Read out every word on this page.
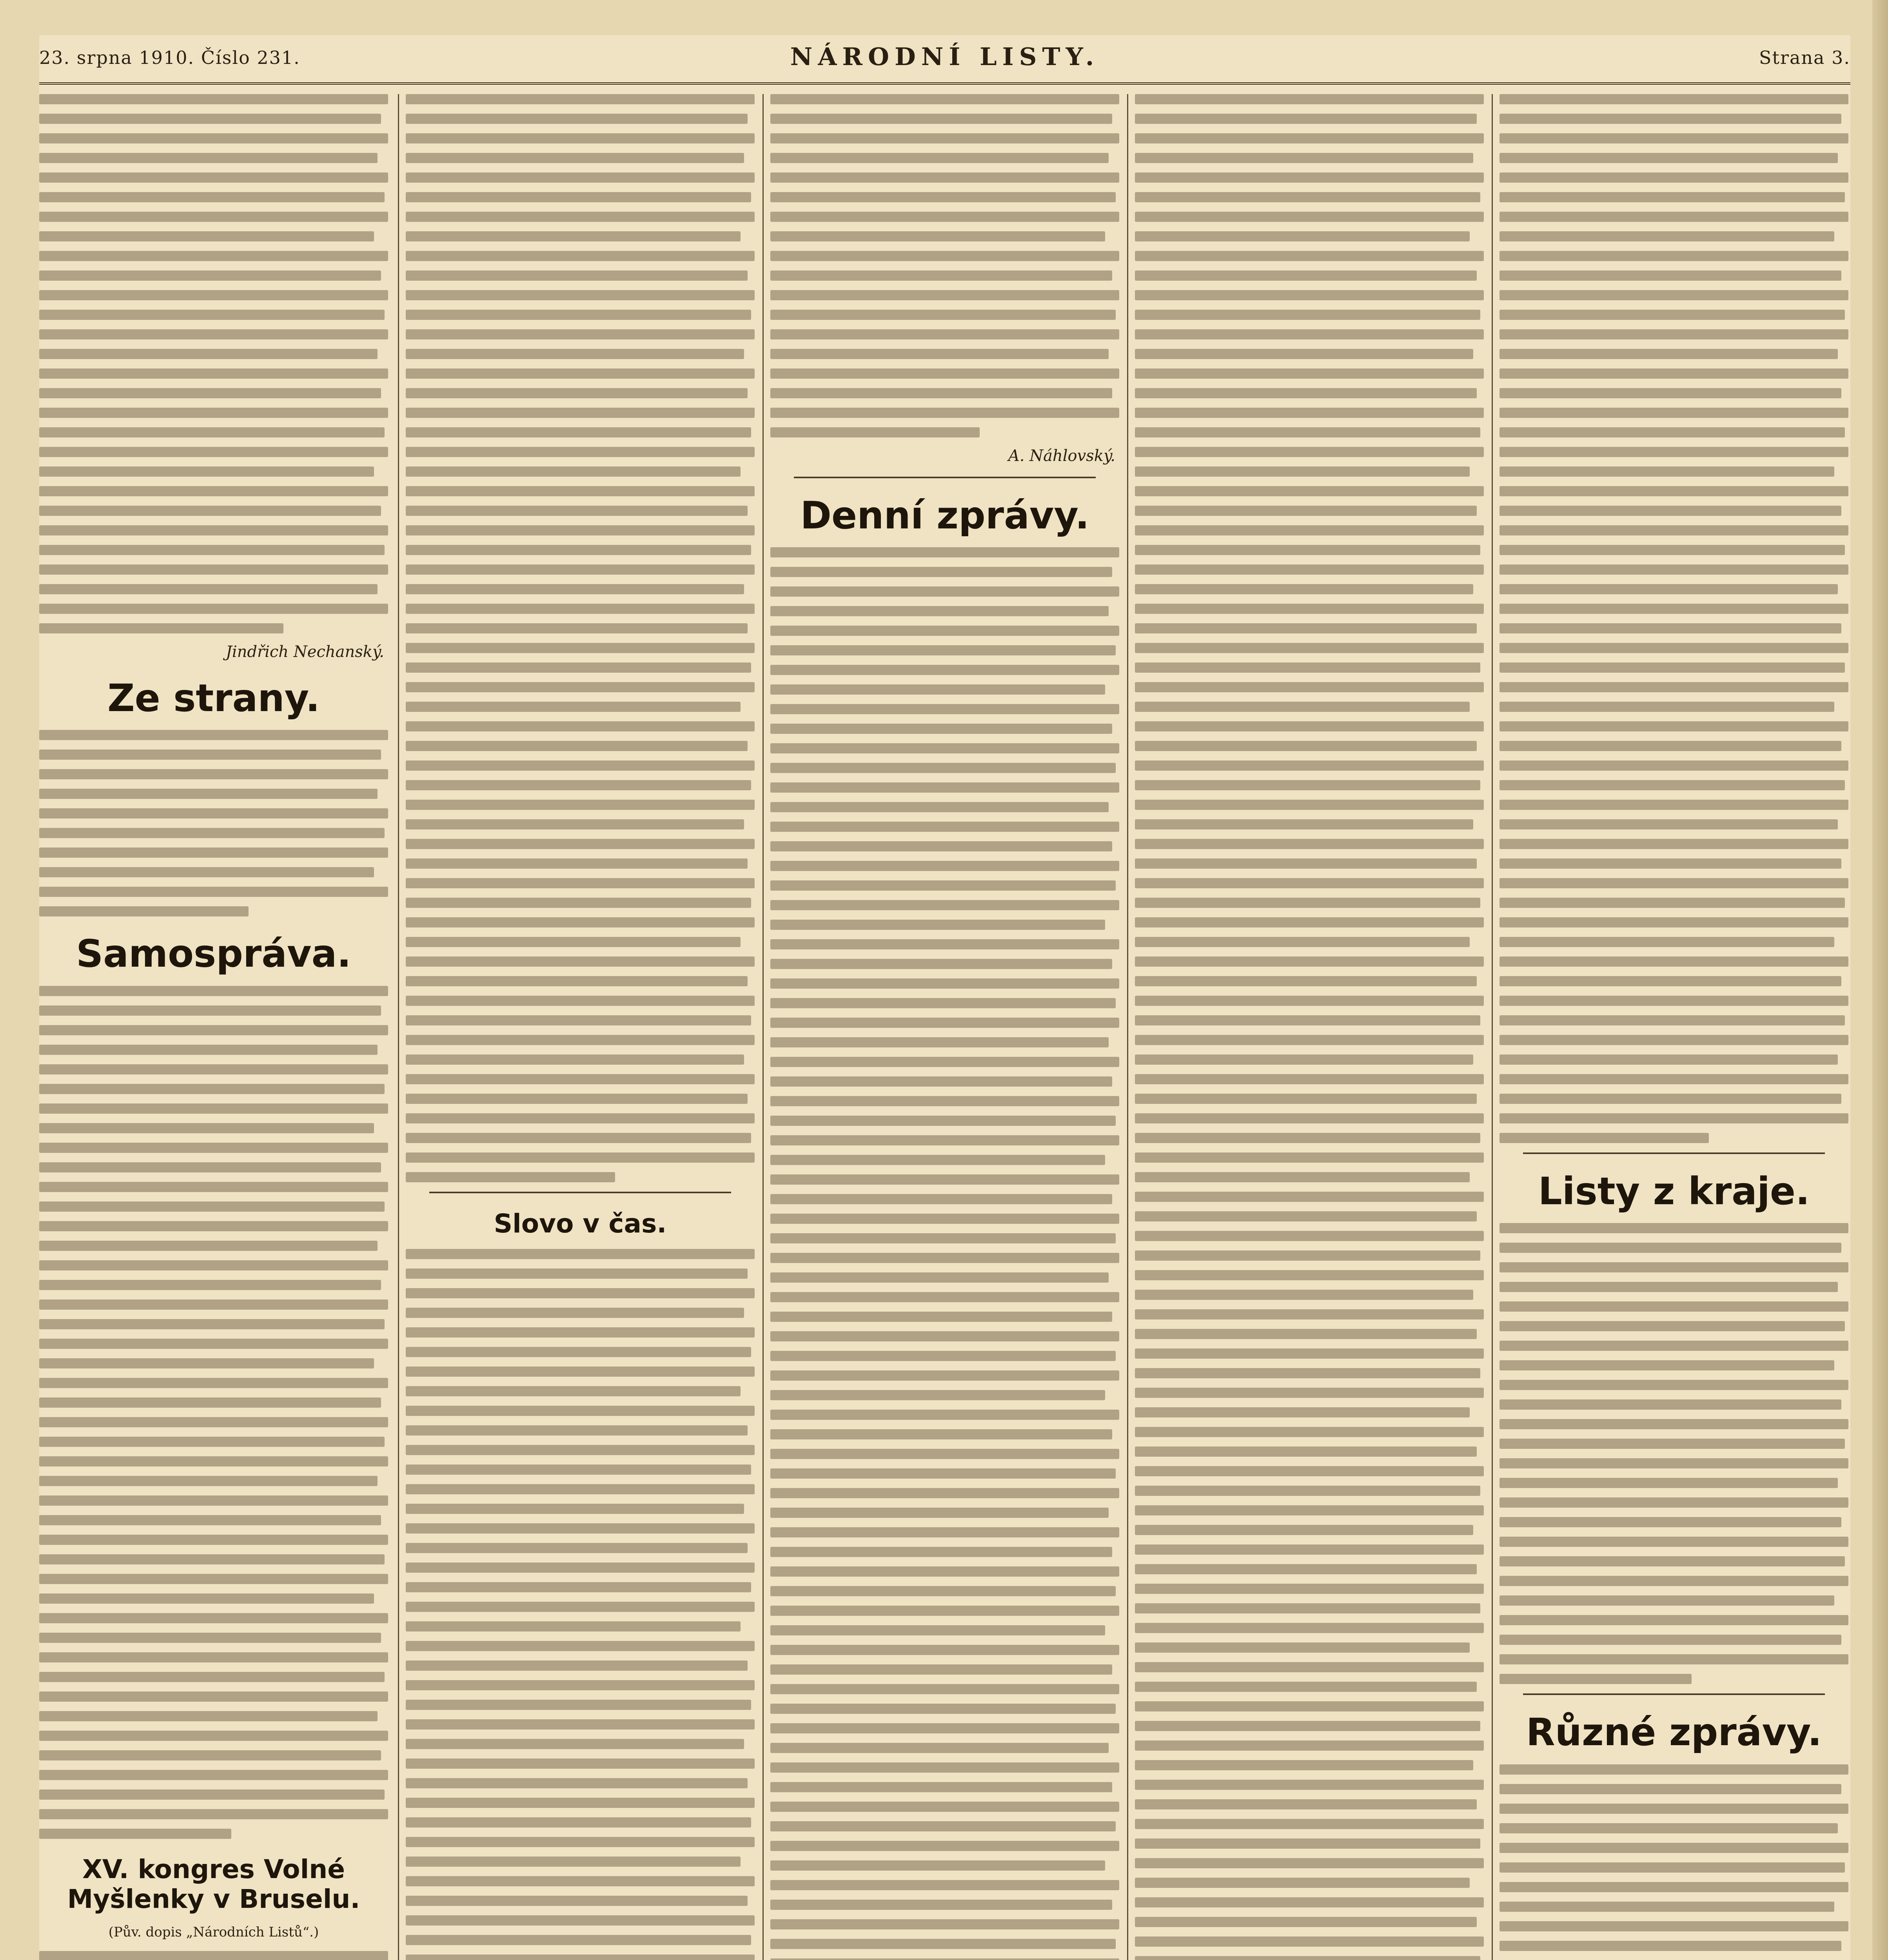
23. srpna 1910. Číslo 231.	NÁRODNÍ LISTY.	Strana 3.
Jindřich Nechanský.
Ze strany.
Samospráva.
XV. kongres Volné Myšlenky v Bruselu.
(Pův. dopis „Národních Listů“.)
Slovo v čas.
A. Náhlovský.
Denní zprávy.
Listy z kraje.
Různé zprávy.
